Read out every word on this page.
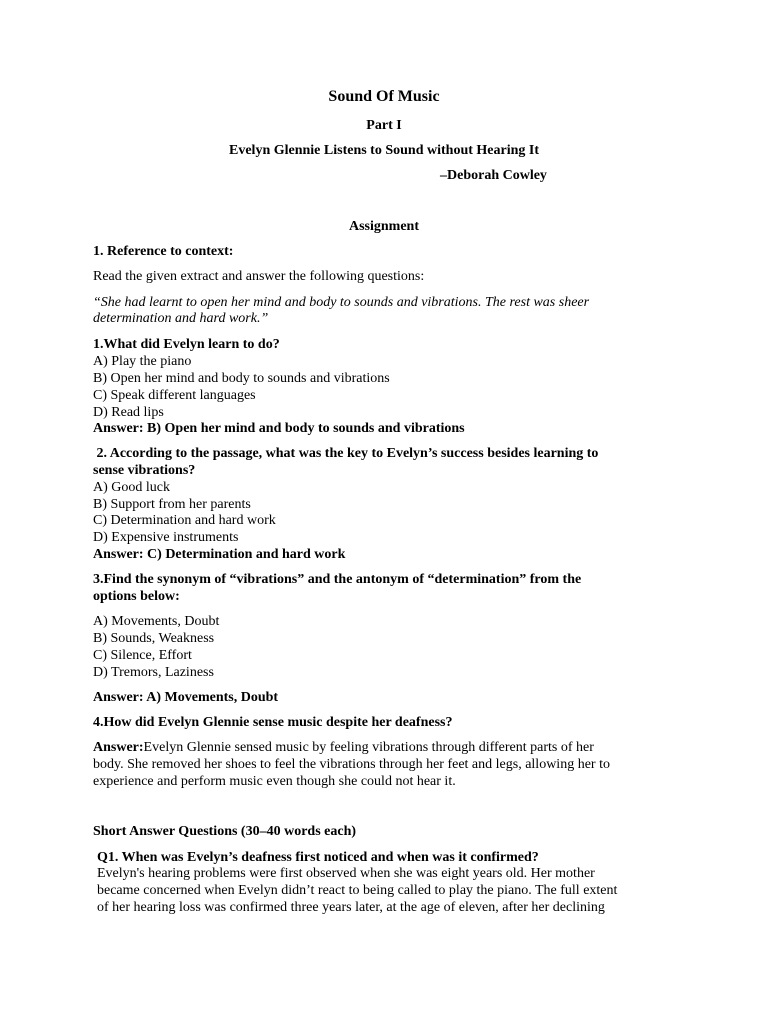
Sound Of Music
Part I
Evelyn Glennie Listens to Sound without Hearing It
–Deborah Cowley
Assignment
1. Reference to context:
Read the given extract and answer the following questions:
“She had learnt to open her mind and body to sounds and vibrations. The rest was sheer
determination and hard work.”
1.What did Evelyn learn to do?
A) Play the piano
B) Open her mind and body to sounds and vibrations
C) Speak different languages
D) Read lips
Answer: B) Open her mind and body to sounds and vibrations
2. According to the passage, what was the key to Evelyn’s success besides learning to
sense vibrations?
A) Good luck
B) Support from her parents
C) Determination and hard work
D) Expensive instruments
Answer: C) Determination and hard work
3.Find the synonym of “vibrations” and the antonym of “determination” from the
options below:
A) Movements, Doubt
B) Sounds, Weakness
C) Silence, Effort
D) Tremors, Laziness
Answer: A) Movements, Doubt
4.How did Evelyn Glennie sense music despite her deafness?
Answer:Evelyn Glennie sensed music by feeling vibrations through different parts of her
body. She removed her shoes to feel the vibrations through her feet and legs, allowing her to
experience and perform music even though she could not hear it.
Short Answer Questions (30–40 words each)
Q1. When was Evelyn’s deafness first noticed and when was it confirmed?
Evelyn's hearing problems were first observed when she was eight years old. Her mother
became concerned when Evelyn didn’t react to being called to play the piano. The full extent
of her hearing loss was confirmed three years later, at the age of eleven, after her declining
